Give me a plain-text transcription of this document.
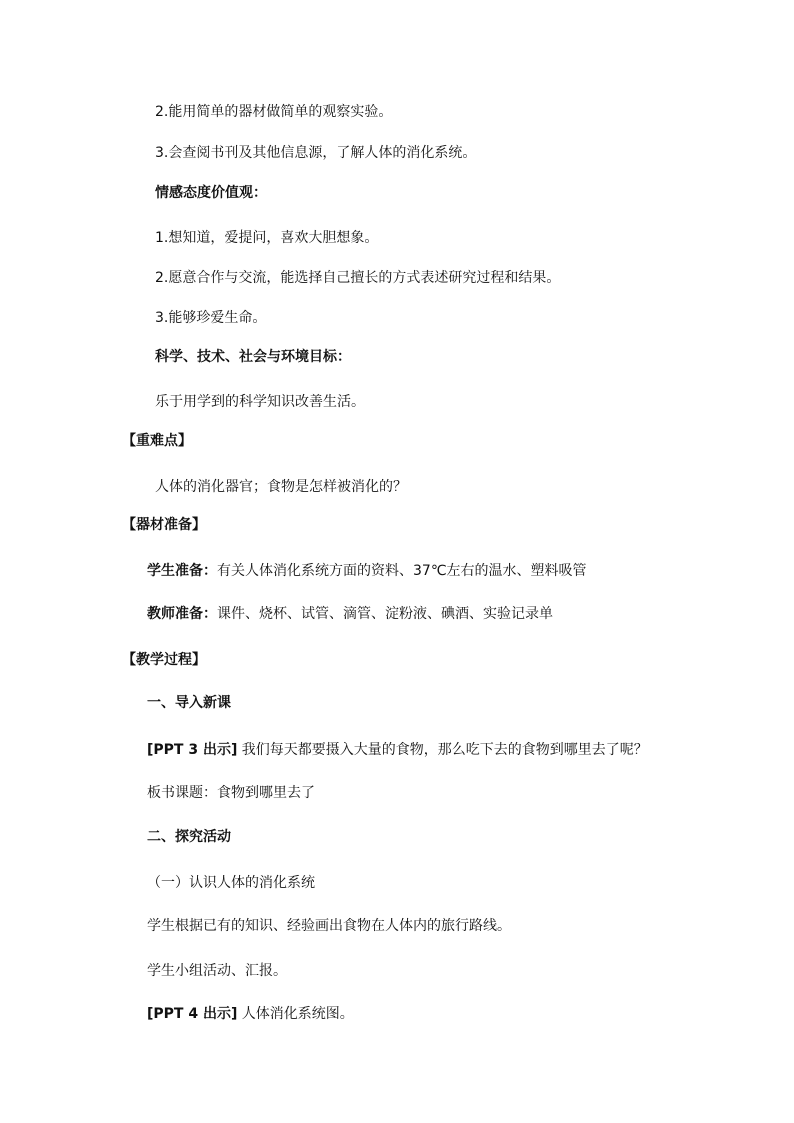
2.能用简单的器材做简单的观察实验。
3.会查阅书刊及其他信息源，了解人体的消化系统。
情感态度价值观：
1.想知道，爱提问，喜欢大胆想象。
2.愿意合作与交流，能选择自己擅长的方式表述研究过程和结果。
3.能够珍爱生命。
科学、技术、社会与环境目标：
乐于用学到的科学知识改善生活。
【重难点】
人体的消化器官；食物是怎样被消化的？
【器材准备】
学生准备：有关人体消化系统方面的资料、37℃左右的温水、塑料吸管
教师准备：课件、烧杯、试管、滴管、淀粉液、碘酒、实验记录单
【教学过程】
一、导入新课
[PPT 3 出示] 我们每天都要摄入大量的食物，那么吃下去的食物到哪里去了呢？
板书课题：食物到哪里去了
二、探究活动
（一）认识人体的消化系统
学生根据已有的知识、经验画出食物在人体内的旅行路线。
学生小组活动、汇报。
[PPT 4 出示] 人体消化系统图。
